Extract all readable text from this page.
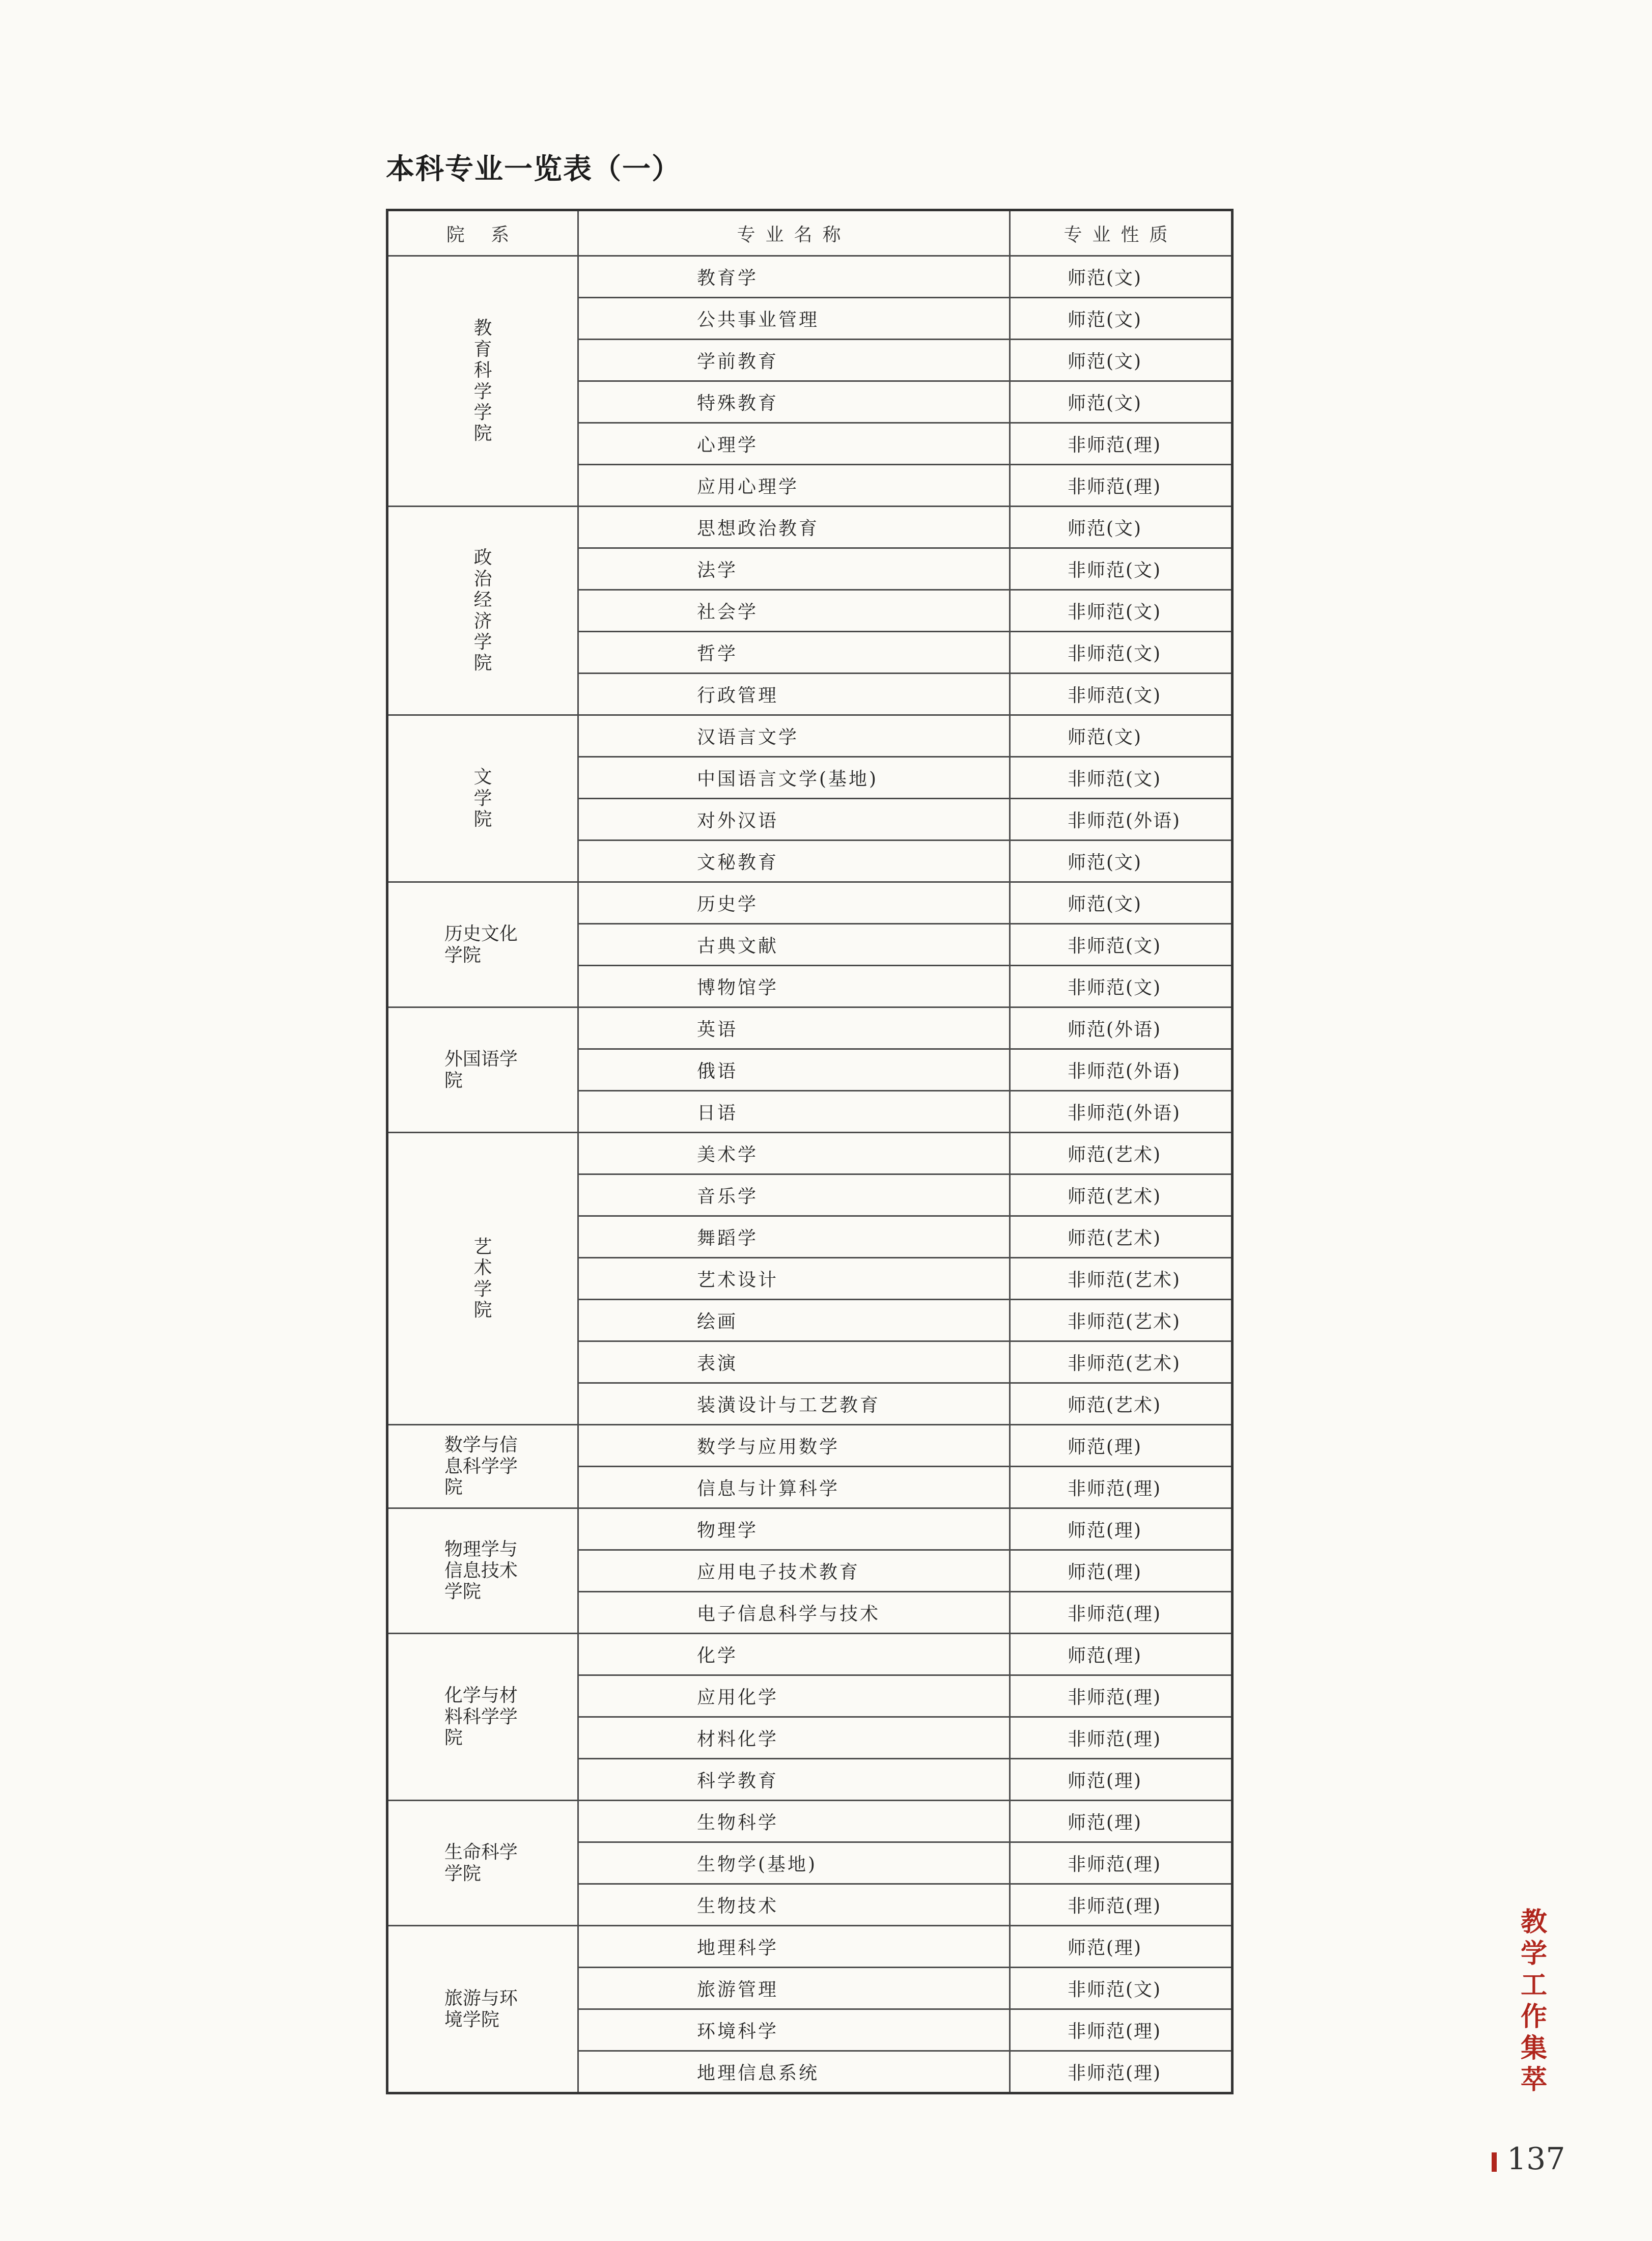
本科专业一览表（一）
院 系	专业名称	专业性质
教育科学学院	教育学	师范(文)
	公共事业管理	师范(文)
	学前教育	师范(文)
	特殊教育	师范(文)
	心理学	非师范(理)
	应用心理学	非师范(理)
政治经济学院	思想政治教育	师范(文)
	法学	非师范(文)
	社会学	非师范(文)
	哲学	非师范(文)
	行政管理	非师范(文)
文学院	汉语言文学	师范(文)
	中国语言文学(基地)	非师范(文)
	对外汉语	非师范(外语)
	文秘教育	师范(文)
历史文化学院	历史学	师范(文)
	古典文献	非师范(文)
	博物馆学	非师范(文)
外国语学院	英语	师范(外语)
	俄语	非师范(外语)
	日语	非师范(外语)
艺术学院	美术学	师范(艺术)
	音乐学	师范(艺术)
	舞蹈学	师范(艺术)
	艺术设计	非师范(艺术)
	绘画	非师范(艺术)
	表演	非师范(艺术)
	装潢设计与工艺教育	师范(艺术)
数学与信息科学学院	数学与应用数学	师范(理)
	信息与计算科学	非师范(理)
物理学与信息技术学院	物理学	师范(理)
	应用电子技术教育	师范(理)
	电子信息科学与技术	非师范(理)
化学与材料科学学院	化学	师范(理)
	应用化学	非师范(理)
	材料化学	非师范(理)
	科学教育	师范(理)
生命科学学院	生物科学	师范(理)
	生物学(基地)	非师范(理)
	生物技术	非师范(理)
旅游与环境学院	地理科学	师范(理)
	旅游管理	非师范(文)
	环境科学	非师范(理)
	地理信息系统	非师范(理)
教学工作集萃
137
